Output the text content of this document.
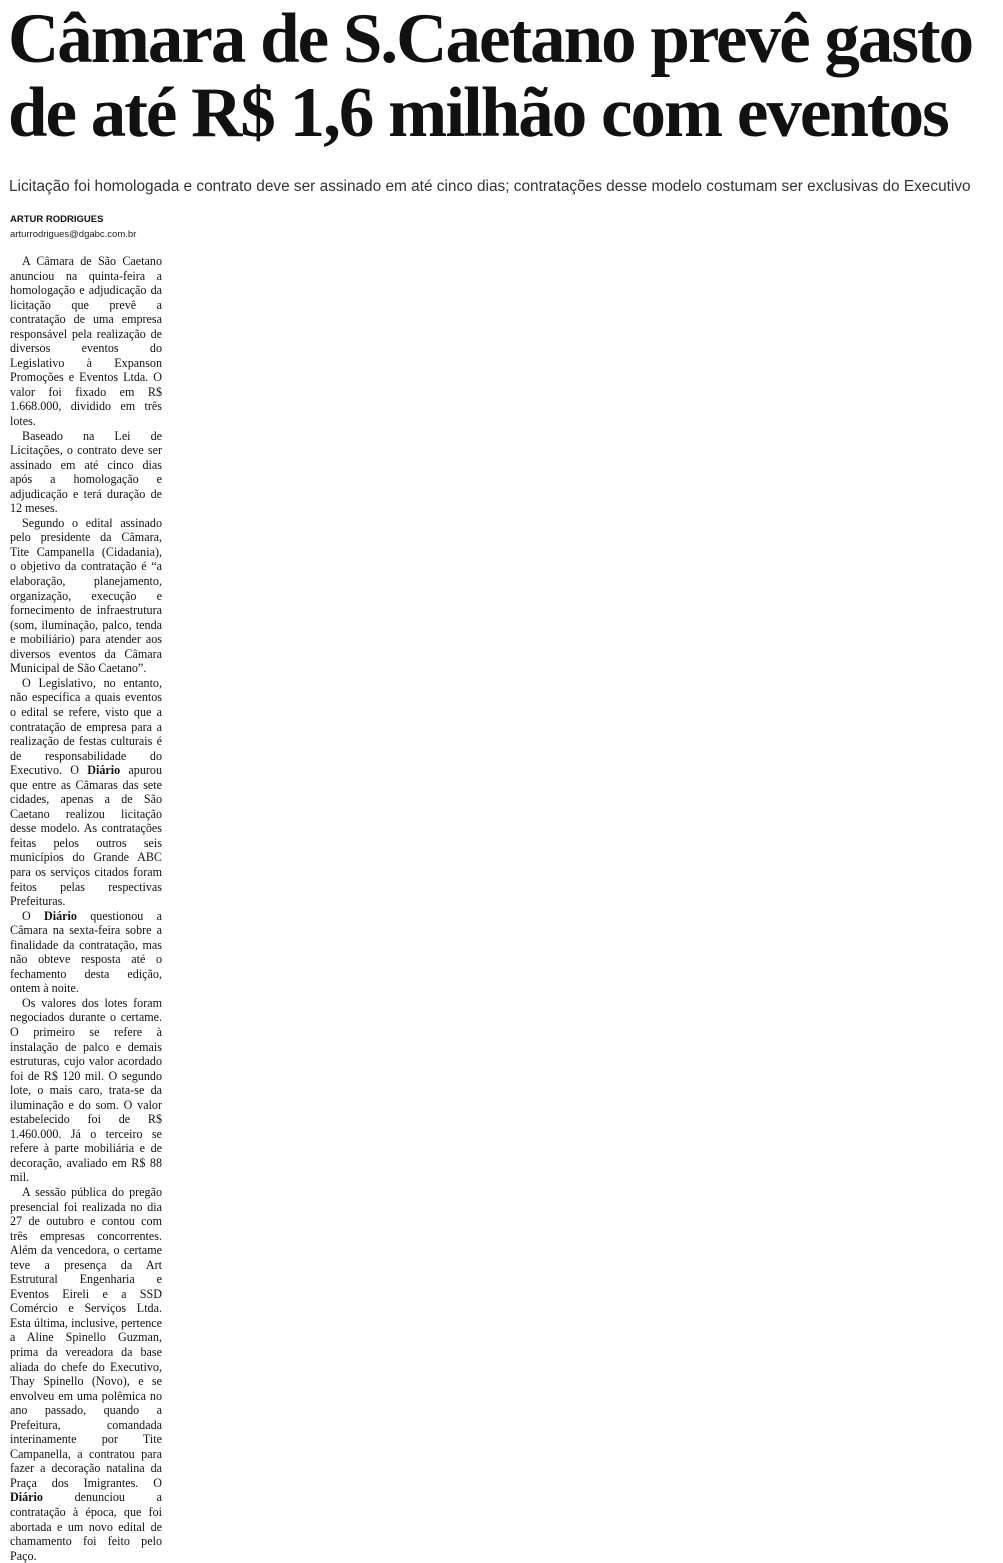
Câmara de S.Caetano prevê gasto
de até R$ 1,6 milhão com eventos

Licitação foi homologada e contrato deve ser assinado em até cinco dias; contratações desse modelo costumam ser exclusivas do Executivo

ARTUR RODRIGUES

arturrodrigues@dgabc.com.br

A Câmara de São Caetano anunciou na quinta-feira a homologação e adjudicação da licitação que prevê a contratação de uma empresa responsável pela realização de diversos eventos do Legislativo à Expanson Promoções e Eventos Ltda. O valor foi fixado em R$ 1.668.000, dividido em três lotes.

Baseado na Lei de Licitações, o contrato deve ser assinado em até cinco dias após a homologação e adjudicação e terá duração de 12 meses.

Segundo o edital assinado pelo presidente da Câmara, Tite Campanella (Cidadania), o objetivo da contratação é “a elaboração, planejamento, organização, execução e fornecimento de infraestrutura (som, iluminação, palco, tenda e mobiliário) para atender aos diversos eventos da Câmara Municipal de São Caetano”.

O Legislativo, no entanto, não especifica a quais eventos o edital se refere, visto que a contratação de empresa para a realização de festas culturais é de responsabilidade do Executivo. O Diário apurou que entre as Câmaras das sete cidades, apenas a de São Caetano realizou licitação desse modelo. As contratações feitas pelos outros seis municípios do Grande ABC para os serviços citados foram feitos pelas respectivas Prefeituras.

O Diário questionou a Câmara na sexta-feira sobre a finalidade da contratação, mas não obteve resposta até o fechamento desta edição, ontem à noite.

Os valores dos lotes foram negociados durante o certame. O primeiro se refere à instalação de palco e demais estruturas, cujo valor acordado foi de R$ 120 mil. O segundo lote, o mais caro, trata-se da iluminação e do som. O valor estabelecido foi de R$ 1.460.000. Já o terceiro se refere à parte mobiliária e de decoração, avaliado em R$ 88 mil.

A sessão pública do pregão presencial foi realizada no dia 27 de outubro e contou com três empresas concorrentes. Além da vencedora, o certame teve a presença da Art Estrutural Engenharia e Eventos Eireli e a SSD Comércio e Serviços Ltda. Esta última, inclusive, pertence a Aline Spinello Guzman, prima da vereadora da base aliada do chefe do Executivo, Thay Spinello (Novo), e se envolveu em uma polêmica no ano passado, quando a Prefeitura, comandada interinamente por Tite Campanella, a contratou para fazer a decoração natalina da Praça dos Imigrantes. O Diário denunciou a contratação à época, que foi abortada e um novo edital de chamamento foi feito pelo Paço.
